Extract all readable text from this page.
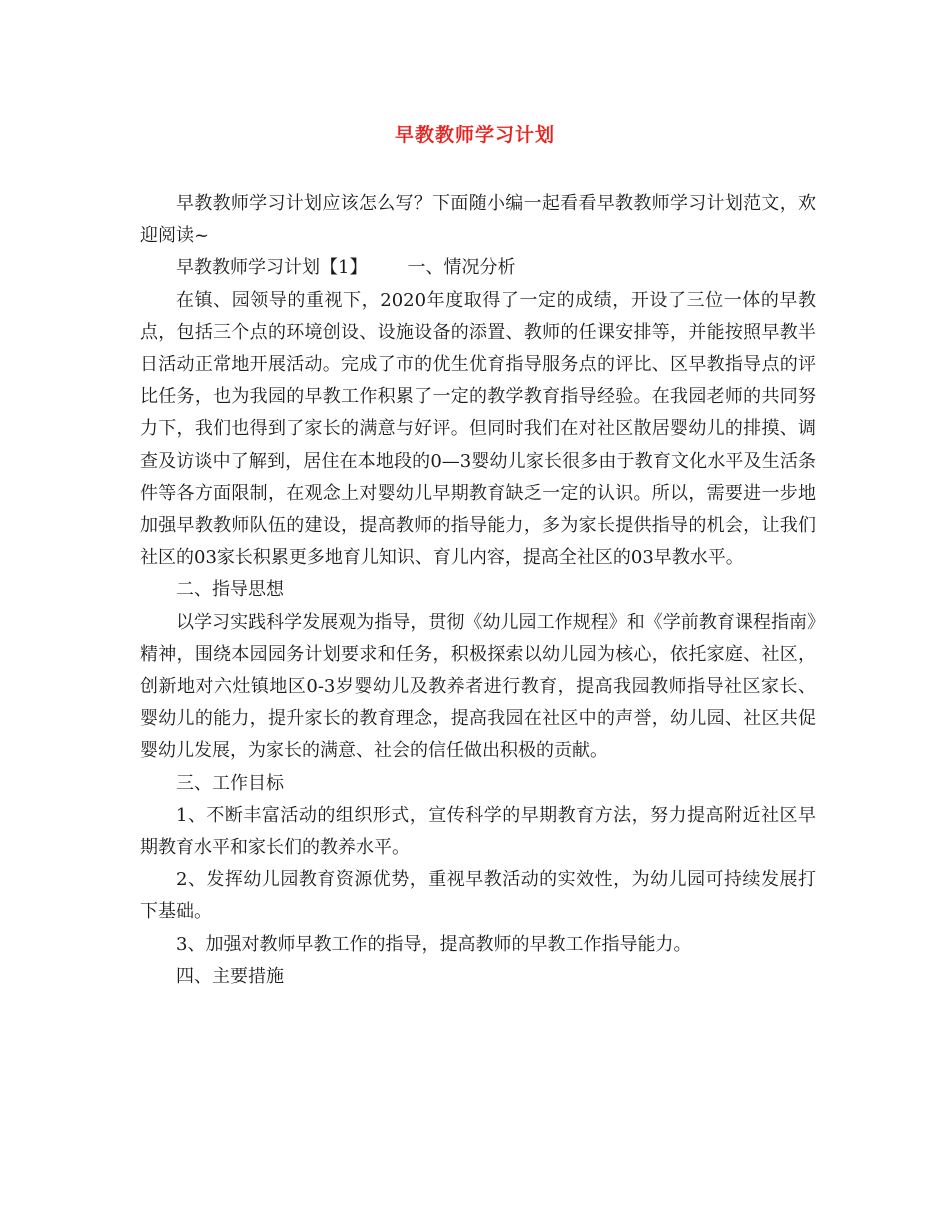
早教教师学习计划

早教教师学习计划应该怎么写？下面随小编一起看看早教教师学习计划范文，欢迎阅读~

早教教师学习计划【1】 一、情况分析

在镇、园领导的重视下，2020年度取得了一定的成绩，开设了三位一体的早教点，包括三个点的环境创设、设施设备的添置、教师的任课安排等，并能按照早教半日活动正常地开展活动。完成了市的优生优育指导服务点的评比、区早教指导点的评比任务，也为我园的早教工作积累了一定的教学教育指导经验。在我园老师的共同努力下，我们也得到了家长的满意与好评。但同时我们在对社区散居婴幼儿的排摸、调查及访谈中了解到，居住在本地段的0—3婴幼儿家长很多由于教育文化水平及生活条件等各方面限制，在观念上对婴幼儿早期教育缺乏一定的认识。所以，需要进一步地加强早教教师队伍的建设，提高教师的指导能力，多为家长提供指导的机会，让我们社区的03家长积累更多地育儿知识、育儿内容，提高全社区的03早教水平。

二、指导思想

以学习实践科学发展观为指导，贯彻《幼儿园工作规程》和《学前教育课程指南》精神，围绕本园园务计划要求和任务，积极探索以幼儿园为核心，依托家庭、社区，创新地对六灶镇地区0-3岁婴幼儿及教养者进行教育，提高我园教师指导社区家长、婴幼儿的能力，提升家长的教育理念，提高我园在社区中的声誉，幼儿园、社区共促婴幼儿发展，为家长的满意、社会的信任做出积极的贡献。

三、工作目标

1、不断丰富活动的组织形式，宣传科学的早期教育方法，努力提高附近社区早期教育水平和家长们的教养水平。

2、发挥幼儿园教育资源优势，重视早教活动的实效性，为幼儿园可持续发展打下基础。

3、加强对教师早教工作的指导，提高教师的早教工作指导能力。

四、主要措施
